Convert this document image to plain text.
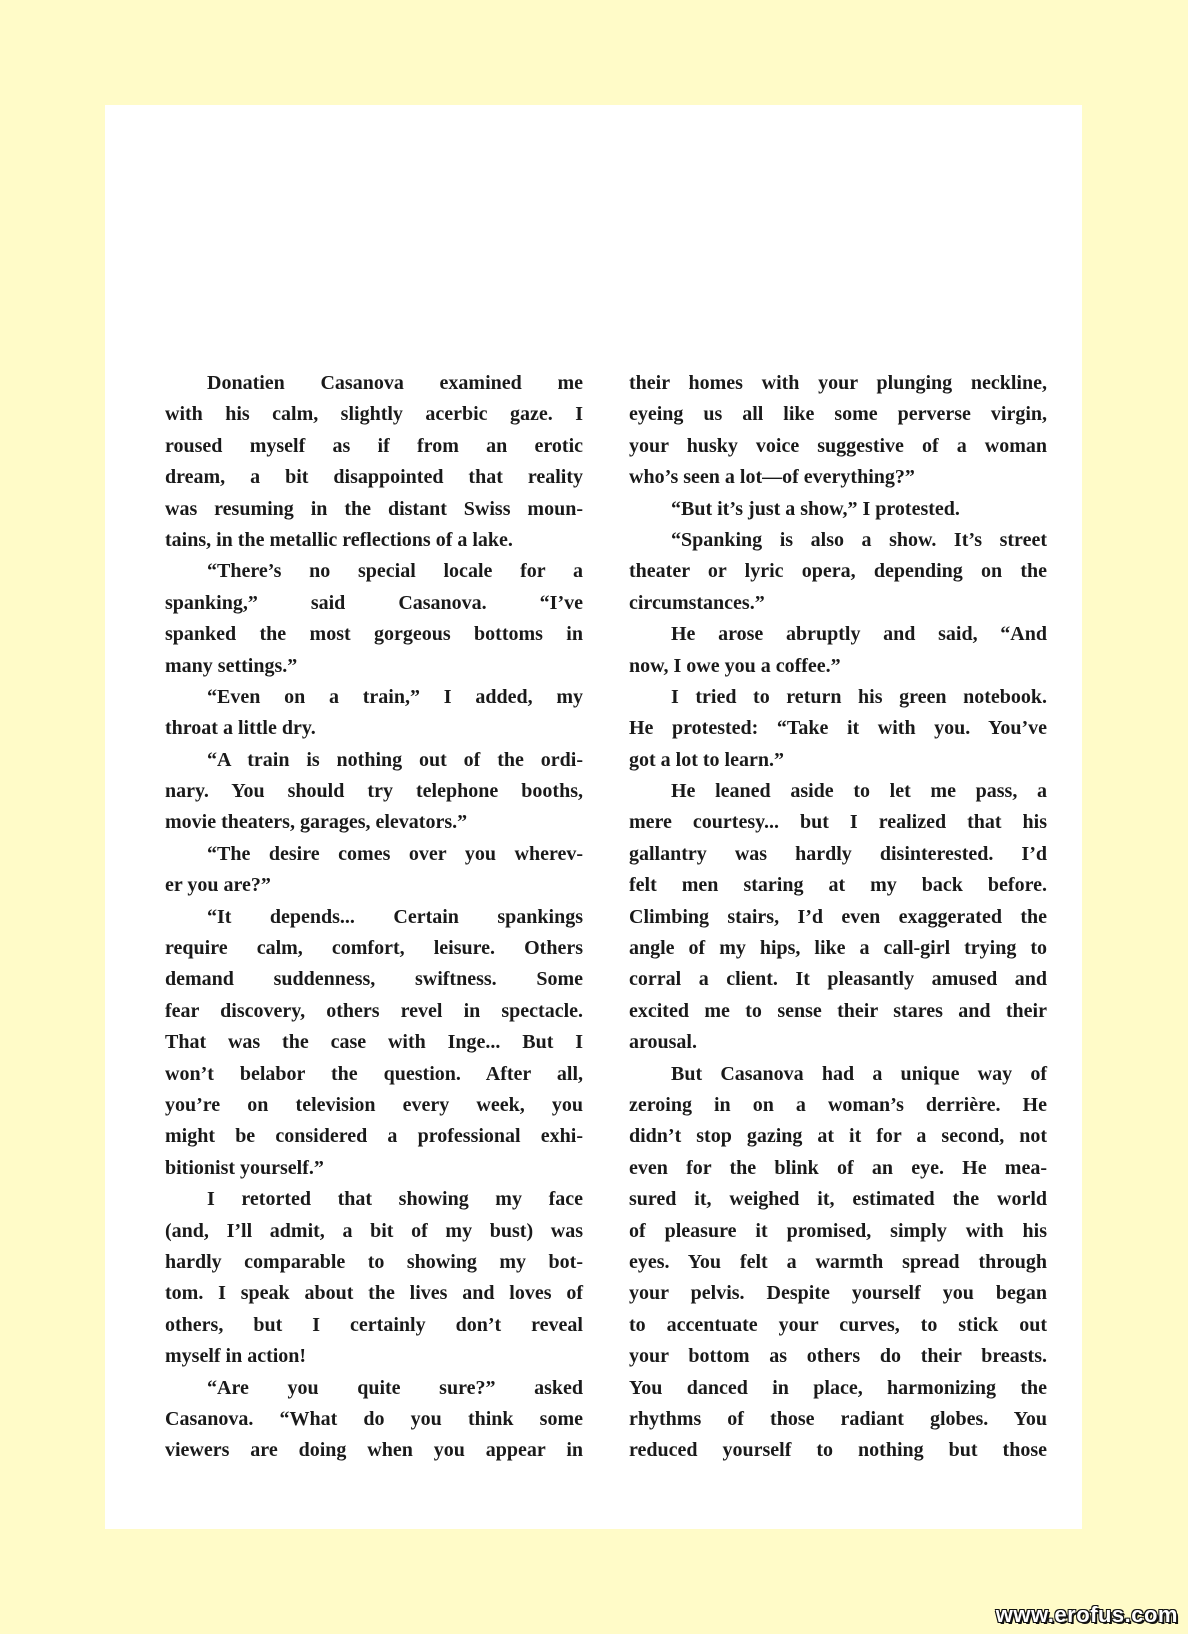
Donatien Casanova examined me
with his calm, slightly acerbic gaze. I
roused myself as if from an erotic
dream, a bit disappointed that reality
was resuming in the distant Swiss moun-
tains, in the metallic reflections of a lake.
“There’s no special locale for a
spanking,” said Casanova. “I’ve
spanked the most gorgeous bottoms in
many settings.”
“Even on a train,” I added, my
throat a little dry.
“A train is nothing out of the ordi-
nary. You should try telephone booths,
movie theaters, garages, elevators.”
“The desire comes over you wherev-
er you are?”
“It depends... Certain spankings
require calm, comfort, leisure. Others
demand suddenness, swiftness. Some
fear discovery, others revel in spectacle.
That was the case with Inge... But I
won’t belabor the question. After all,
you’re on television every week, you
might be considered a professional exhi-
bitionist yourself.”
I retorted that showing my face
(and, I’ll admit, a bit of my bust) was
hardly comparable to showing my bot-
tom. I speak about the lives and loves of
others, but I certainly don’t reveal
myself in action!
“Are you quite sure?” asked
Casanova. “What do you think some
viewers are doing when you appear in
their homes with your plunging neckline,
eyeing us all like some perverse virgin,
your husky voice suggestive of a woman
who’s seen a lot—of everything?”
“But it’s just a show,” I protested.
“Spanking is also a show. It’s street
theater or lyric opera, depending on the
circumstances.”
He arose abruptly and said, “And
now, I owe you a coffee.”
I tried to return his green notebook.
He protested: “Take it with you. You’ve
got a lot to learn.”
He leaned aside to let me pass, a
mere courtesy... but I realized that his
gallantry was hardly disinterested. I’d
felt men staring at my back before.
Climbing stairs, I’d even exaggerated the
angle of my hips, like a call-girl trying to
corral a client. It pleasantly amused and
excited me to sense their stares and their
arousal.
But Casanova had a unique way of
zeroing in on a woman’s derrière. He
didn’t stop gazing at it for a second, not
even for the blink of an eye. He mea-
sured it, weighed it, estimated the world
of pleasure it promised, simply with his
eyes. You felt a warmth spread through
your pelvis. Despite yourself you began
to accentuate your curves, to stick out
your bottom as others do their breasts.
You danced in place, harmonizing the
rhythms of those radiant globes. You
reduced yourself to nothing but those
www.erofus.com
